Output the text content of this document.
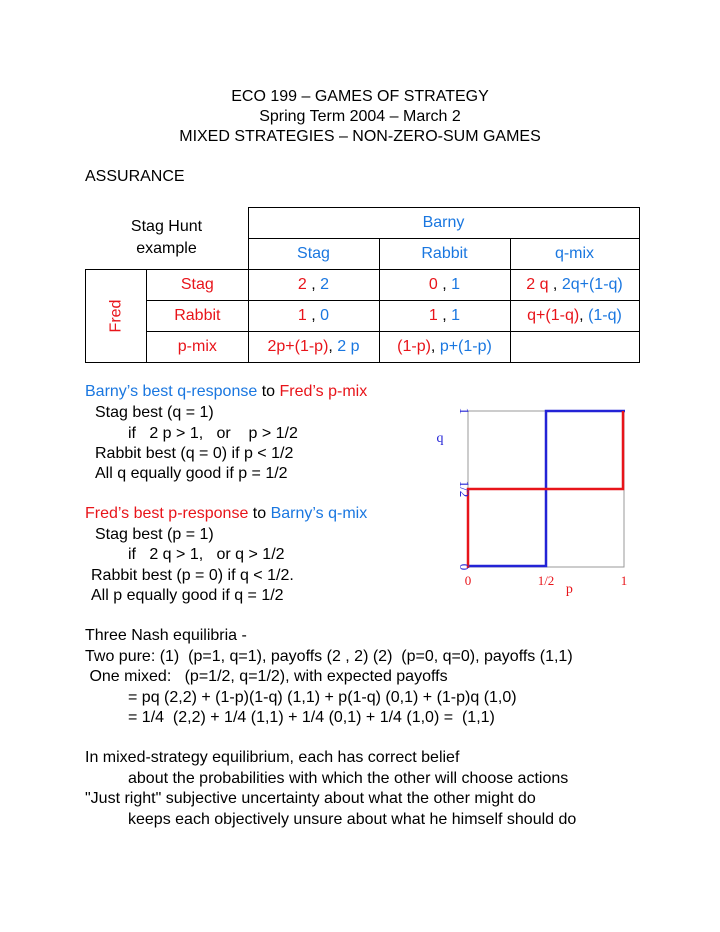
ECO 199 – GAMES OF STRATEGY
Spring Term 2004 – March 2
MIXED STRATEGIES – NON-ZERO-SUM GAMES
ASSURANCE
Stag Hunt
example		Barny		
		Stag	Rabbit	q-mix
Fred	Stag	2 , 2	0 , 1	2 q , 2q+(1-q)
	Rabbit	1 , 0	1 , 1	q+(1-q), (1-q)
	p-mix	2p+(1-p), 2 p	(1-p), p+(1-p)	
Barny’s best q-response to Fred’s p-mix
Stag best (q = 1)
if   2 p > 1,   or    p > 1/2
Rabbit best (q = 0) if p < 1/2
All q equally good if p = 1/2
Fred’s best p-response to Barny’s q-mix
Stag best (p = 1)
if   2 q > 1,   or q > 1/2
Rabbit best (p = 0) if q < 1/2.
All p equally good if q = 1/2
0	1/2	1
0
1/2
1
p
q
Three Nash equilibria -
Two pure: (1)  (p=1, q=1), payoffs (2 , 2) (2)  (p=0, q=0), payoffs (1,1)
One mixed:   (p=1/2, q=1/2), with expected payoffs
= pq (2,2) + (1-p)(1-q) (1,1) + p(1-q) (0,1) + (1-p)q (1,0)
= 1/4  (2,2) + 1/4 (1,1) + 1/4 (0,1) + 1/4 (1,0) =  (1,1)
In mixed-strategy equilibrium, each has correct belief
about the probabilities with which the other will choose actions
"Just right" subjective uncertainty about what the other might do
keeps each objectively unsure about what he himself should do
